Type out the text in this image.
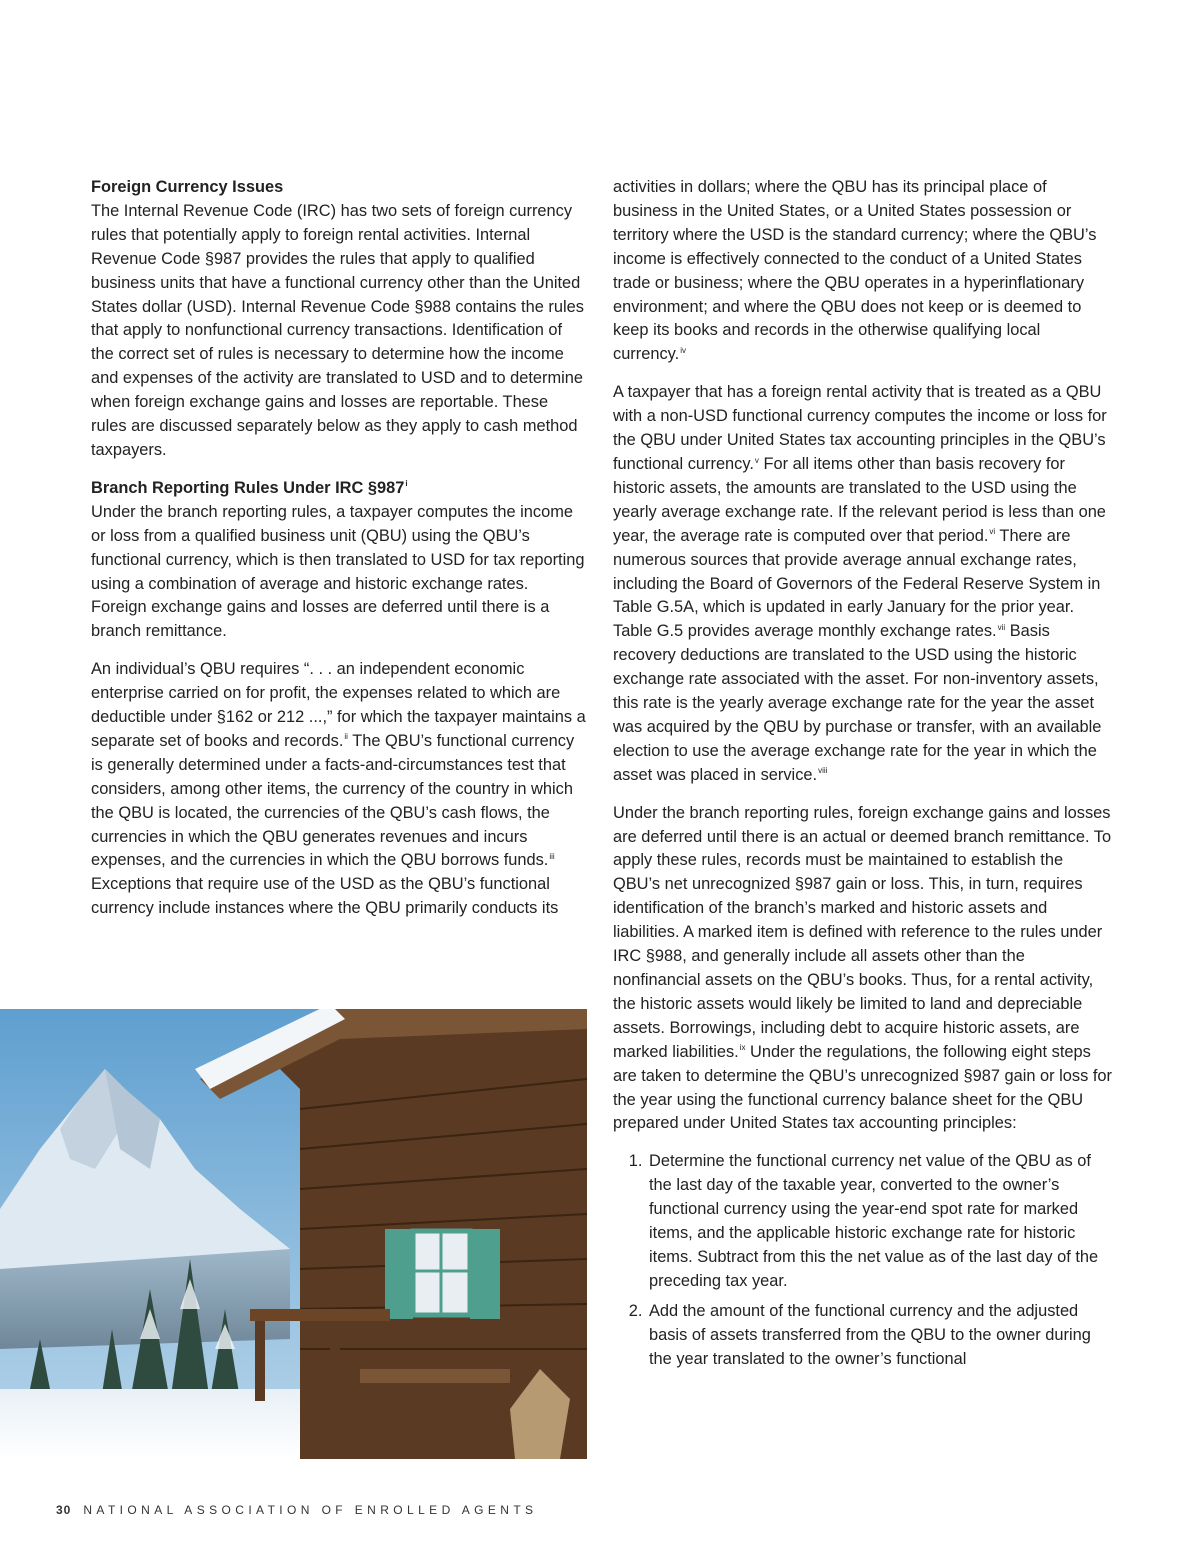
Foreign Currency Issues

The Internal Revenue Code (IRC) has two sets of foreign currency rules that potentially apply to foreign rental activities. Internal Revenue Code §987 provides the rules that apply to qualified business units that have a functional currency other than the United States dollar (USD). Internal Revenue Code §988 contains the rules that apply to nonfunctional currency transactions. Identification of the correct set of rules is necessary to determine how the income and expenses of the activity are translated to USD and to determine when foreign exchange gains and losses are reportable. These rules are discussed separately below as they apply to cash method taxpayers.

Branch Reporting Rules Under IRC §987$^i$

Under the branch reporting rules, a taxpayer computes the income or loss from a qualified business unit (QBU) using the QBU’s functional currency, which is then translated to USD for tax reporting using a combination of average and historic exchange rates. Foreign exchange gains and losses are deferred until there is a branch remittance.

An individual’s QBU requires “. . . an independent economic enterprise carried on for profit, the expenses related to which are deductible under §162 or 212 ...,” for which the taxpayer maintains a separate set of books and records.$^{ii}$ The QBU’s functional currency is generally determined under a facts-and-circumstances test that considers, among other items, the currency of the country in which the QBU is located, the currencies of the QBU’s cash flows, the currencies in which the QBU generates revenues and incurs expenses, and the currencies in which the QBU borrows funds.$^{iii}$ Exceptions that require use of the USD as the QBU’s functional currency include instances where the QBU primarily conducts its

activities in dollars; where the QBU has its principal place of business in the United States, or a United States possession or territory where the USD is the standard currency; where the QBU’s income is effectively connected to the conduct of a United States trade or business; where the QBU operates in a hyperinflationary environment; and where the QBU does not keep or is deemed to keep its books and records in the otherwise qualifying local currency.$^{iv}$

A taxpayer that has a foreign rental activity that is treated as a QBU with a non-USD functional currency computes the income or loss for the QBU under United States tax accounting principles in the QBU’s functional currency.$^v$ For all items other than basis recovery for historic assets, the amounts are translated to the USD using the yearly average exchange rate. If the relevant period is less than one year, the average rate is computed over that period.$^{vi}$ There are numerous sources that provide average annual exchange rates, including the Board of Governors of the Federal Reserve System in Table G.5A, which is updated in early January for the prior year. Table G.5 provides average monthly exchange rates.$^{vii}$ Basis recovery deductions are translated to the USD using the historic exchange rate associated with the asset. For non-inventory assets, this rate is the yearly average exchange rate for the year the asset was acquired by the QBU by purchase or transfer, with an available election to use the average exchange rate for the year in which the asset was placed in service.$^{viii}$

Under the branch reporting rules, foreign exchange gains and losses are deferred until there is an actual or deemed branch remittance. To apply these rules, records must be maintained to establish the QBU’s net unrecognized §987 gain or loss. This, in turn, requires identification of the branch’s marked and historic assets and liabilities. A marked item is defined with reference to the rules under IRC §988, and generally include all assets other than the nonfinancial assets on the QBU’s books. Thus, for a rental activity, the historic assets would likely be limited to land and depreciable assets. Borrowings, including debt to acquire historic assets, are marked liabilities.$^{ix}$ Under the regulations, the following eight steps are taken to determine the QBU’s unrecognized §987 gain or loss for the year using the functional currency balance sheet for the QBU prepared under United States tax accounting principles:

1. Determine the functional currency net value of the QBU as of the last day of the taxable year, converted to the owner’s functional currency using the year-end spot rate for marked items, and the applicable historic exchange rate for historic items. Subtract from this the net value as of the last day of the preceding tax year.
2. Add the amount of the functional currency and the adjusted basis of assets transferred from the QBU to the owner during the year translated to the owner’s functional
30 NATIONAL ASSOCIATION OF ENROLLED AGENTS
